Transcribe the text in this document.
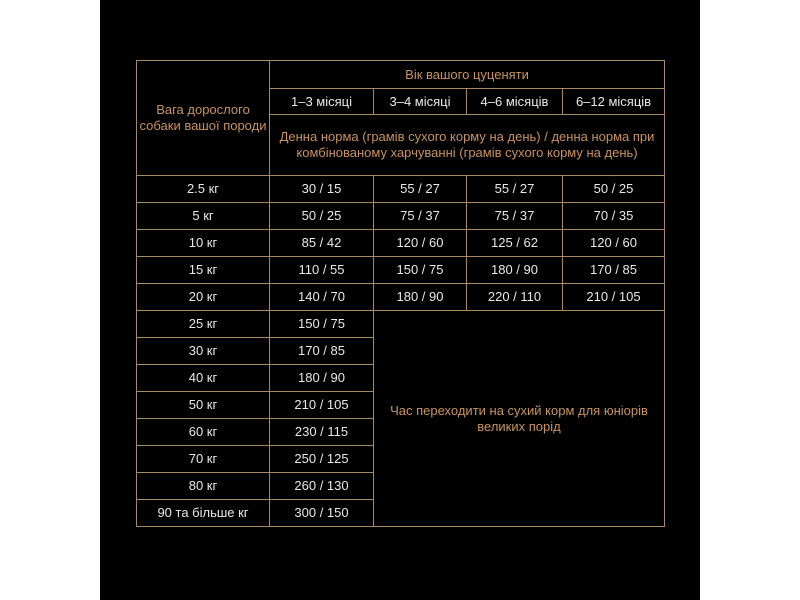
Вага дорослого собаки вашої породи	Вік вашого цуценяти			
	1–3 місяці	3–4 місяці	4–6 місяців	6–12 місяців
	Денна норма (грамів сухого корму на день) / денна норма при комбінованому харчуванні (грамів сухого корму на день)			
2.5 кг	30 / 15	55 / 27	55 / 27	50 / 25
5 кг	50 / 25	75 / 37	75 / 37	70 / 35
10 кг	85 / 42	120 / 60	125 / 62	120 / 60
15 кг	110 / 55	150 / 75	180 / 90	170 / 85
20 кг	140 / 70	180 / 90	220 / 110	210 / 105
25 кг	150 / 75	Час переходити на сухий корм для юніорів великих порід		
30 кг	170 / 85			
40 кг	180 / 90			
50 кг	210 / 105			
60 кг	230 / 115			
70 кг	250 / 125			
80 кг	260 / 130			
90 та більше кг	300 / 150			
